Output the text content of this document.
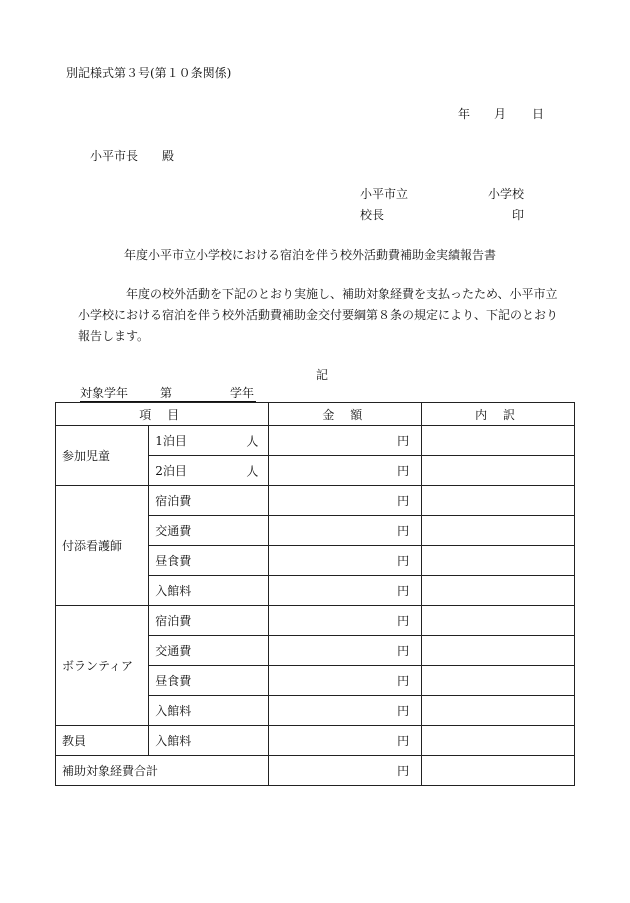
別記様式第３号(第１０条関係)
年 月 日
小平市長　　殿
小平市立	小学校
校長	印
年度小平市立小学校における宿泊を伴う校外活動費補助金実績報告書
年度の校外活動を下記のとおり実施し、補助対象経費を支払ったため、小平市立小学校における宿泊を伴う校外活動費補助金交付要綱第８条の規定により、下記のとおり報告します。
記
対象学年	第	学年
項 目		金 額	内 訳
参加児童	1泊目 人	円	
	2泊目 人	円	
付添看護師	宿泊費	円	
	交通費	円	
	昼食費	円	
	入館料	円	
ボランティア	宿泊費	円	
	交通費	円	
	昼食費	円	
	入館料	円	
教員	入館料	円	
補助対象経費合計		円	
